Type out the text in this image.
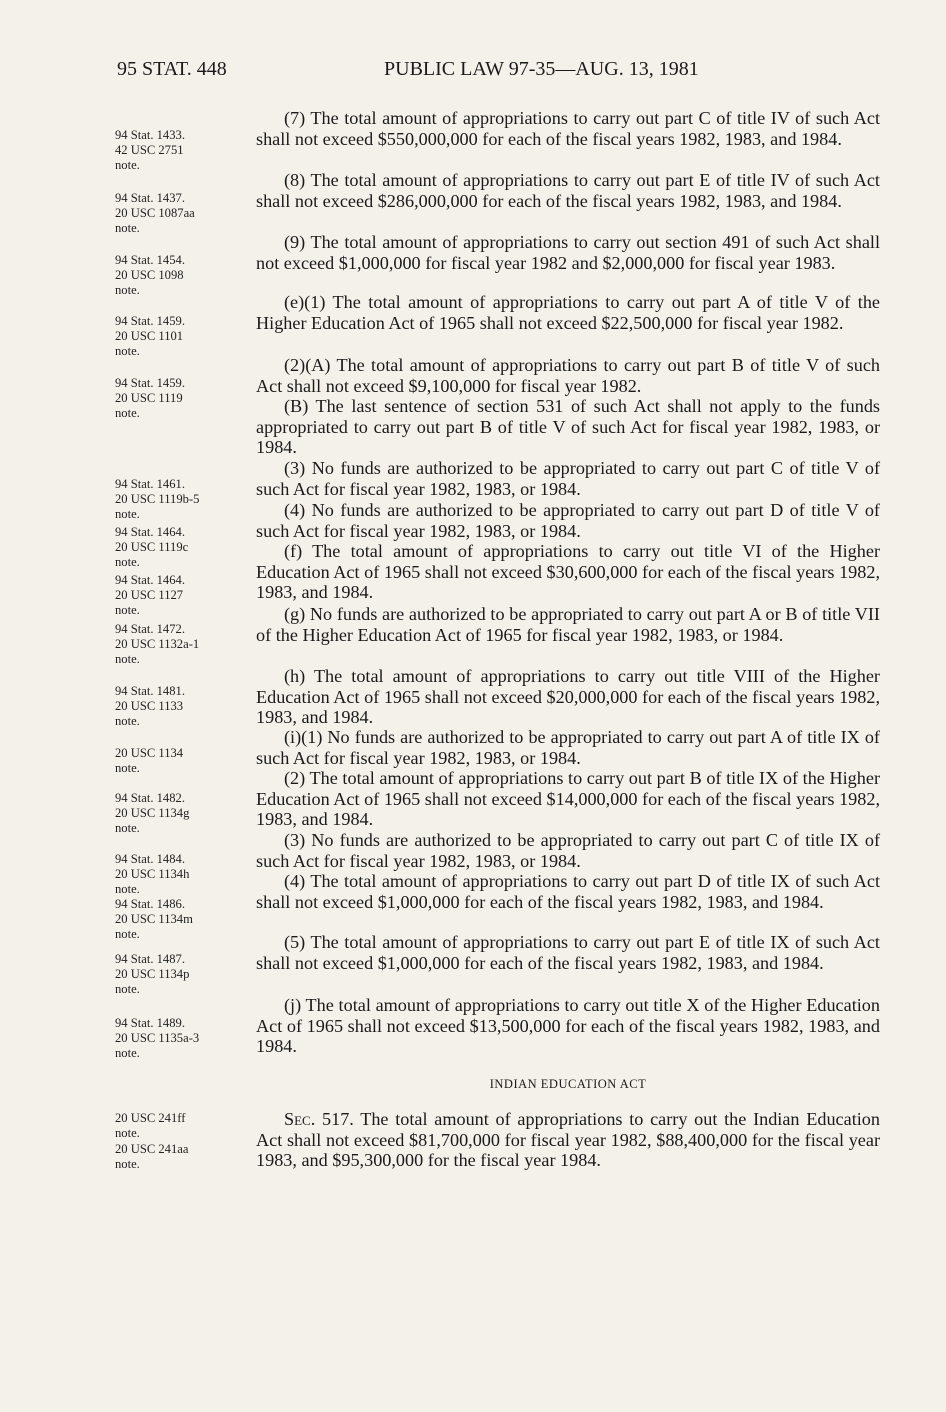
95 STAT. 448	PUBLIC LAW 97-35—AUG. 13, 1981
94 Stat. 1433.
42 USC 2751
note.
94 Stat. 1437.
20 USC 1087aa
note.
94 Stat. 1454.
20 USC 1098
note.
94 Stat. 1459.
20 USC 1101
note.
94 Stat. 1459.
20 USC 1119
note.
94 Stat. 1461.
20 USC 1119b-5
note.
94 Stat. 1464.
20 USC 1119c
note.
94 Stat. 1464.
20 USC 1127
note.
94 Stat. 1472.
20 USC 1132a-1
note.
94 Stat. 1481.
20 USC 1133
note.
20 USC 1134
note.
94 Stat. 1482.
20 USC 1134g
note.
94 Stat. 1484.
20 USC 1134h
note.
94 Stat. 1486.
20 USC 1134m
note.
94 Stat. 1487.
20 USC 1134p
note.
94 Stat. 1489.
20 USC 1135a-3
note.
20 USC 241ff
note.
20 USC 241aa
note.
(7) The total amount of appropriations to carry out part C of title IV of such Act shall not exceed $550,000,000 for each of the fiscal years 1982, 1983, and 1984.
(8) The total amount of appropriations to carry out part E of title IV of such Act shall not exceed $286,000,000 for each of the fiscal years 1982, 1983, and 1984.
(9) The total amount of appropriations to carry out section 491 of such Act shall not exceed $1,000,000 for fiscal year 1982 and $2,000,000 for fiscal year 1983.
(e)(1) The total amount of appropriations to carry out part A of title V of the Higher Education Act of 1965 shall not exceed $22,500,000 for fiscal year 1982.
(2)(A) The total amount of appropriations to carry out part B of title V of such Act shall not exceed $9,100,000 for fiscal year 1982.
(B) The last sentence of section 531 of such Act shall not apply to the funds appropriated to carry out part B of title V of such Act for fiscal year 1982, 1983, or 1984.
(3) No funds are authorized to be appropriated to carry out part C of title V of such Act for fiscal year 1982, 1983, or 1984.
(4) No funds are authorized to be appropriated to carry out part D of title V of such Act for fiscal year 1982, 1983, or 1984.
(f) The total amount of appropriations to carry out title VI of the Higher Education Act of 1965 shall not exceed $30,600,000 for each of the fiscal years 1982, 1983, and 1984.
(g) No funds are authorized to be appropriated to carry out part A or B of title VII of the Higher Education Act of 1965 for fiscal year 1982, 1983, or 1984.
(h) The total amount of appropriations to carry out title VIII of the Higher Education Act of 1965 shall not exceed $20,000,000 for each of the fiscal years 1982, 1983, and 1984.
(i)(1) No funds are authorized to be appropriated to carry out part A of title IX of such Act for fiscal year 1982, 1983, or 1984.
(2) The total amount of appropriations to carry out part B of title IX of the Higher Education Act of 1965 shall not exceed $14,000,000 for each of the fiscal years 1982, 1983, and 1984.
(3) No funds are authorized to be appropriated to carry out part C of title IX of such Act for fiscal year 1982, 1983, or 1984.
(4) The total amount of appropriations to carry out part D of title IX of such Act shall not exceed $1,000,000 for each of the fiscal years 1982, 1983, and 1984.
(5) The total amount of appropriations to carry out part E of title IX of such Act shall not exceed $1,000,000 for each of the fiscal years 1982, 1983, and 1984.
(j) The total amount of appropriations to carry out title X of the Higher Education Act of 1965 shall not exceed $13,500,000 for each of the fiscal years 1982, 1983, and 1984.
INDIAN EDUCATION ACT
Sec. 517. The total amount of appropriations to carry out the Indian Education Act shall not exceed $81,700,000 for fiscal year 1982, $88,400,000 for the fiscal year 1983, and $95,300,000 for the fiscal year 1984.
